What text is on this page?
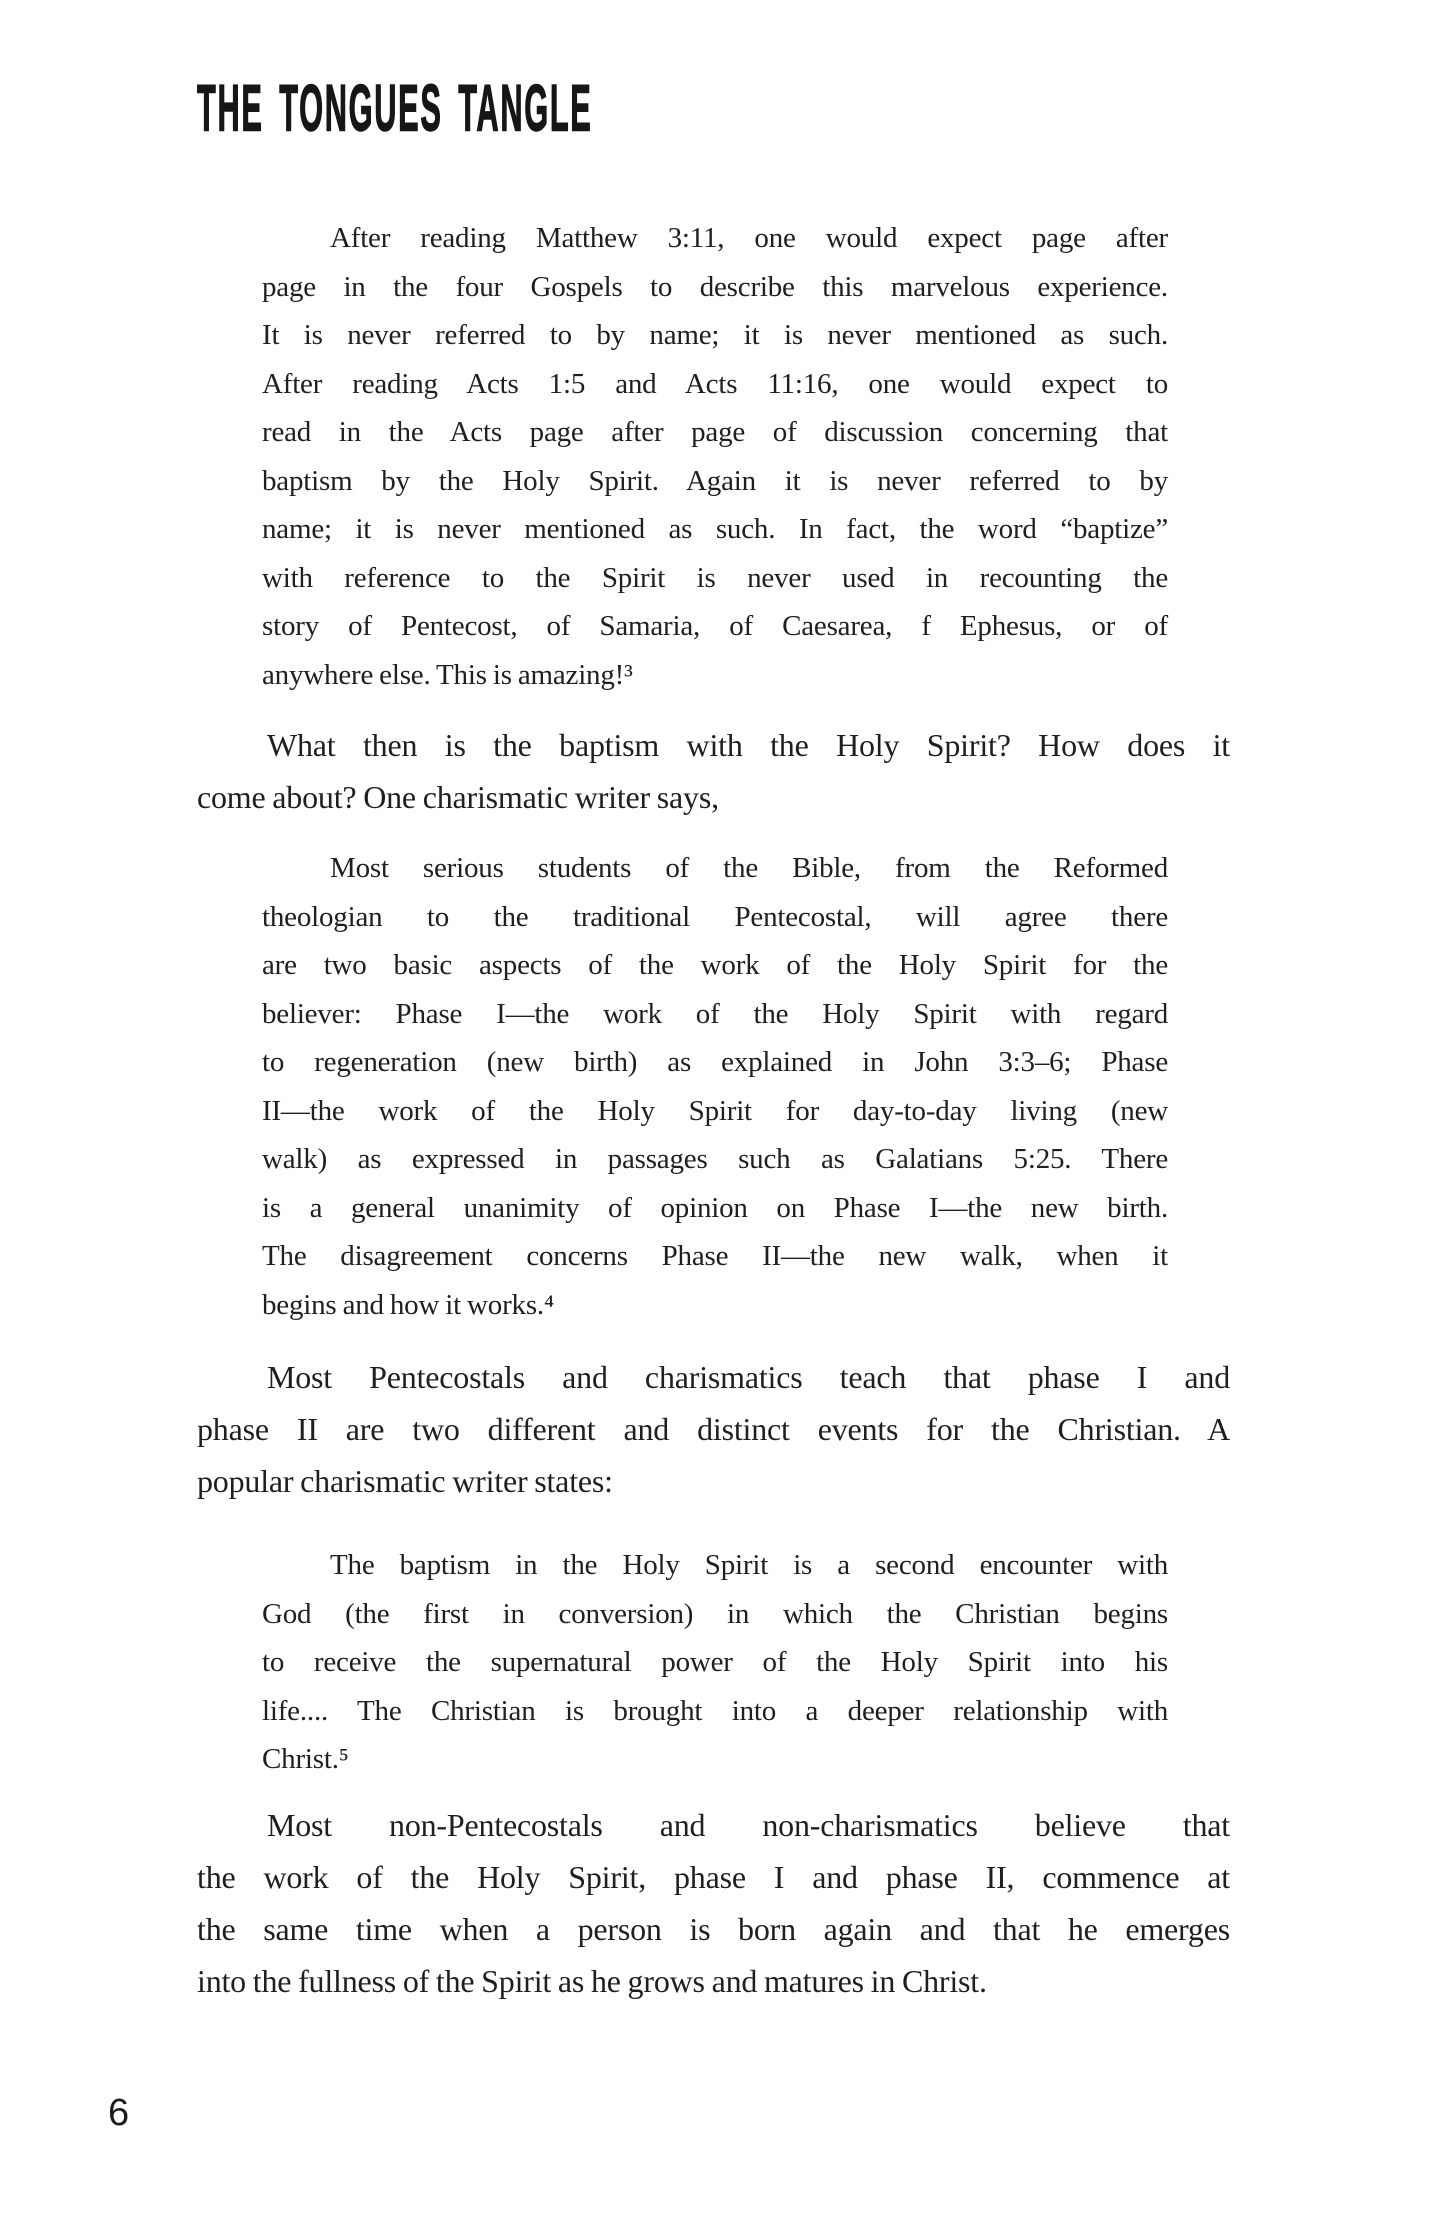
THE TONGUES TANGLE
After reading Matthew 3:11, one would expect page after
page in the four Gospels to describe this marvelous experience.
It is never referred to by name; it is never mentioned as such.
After reading Acts 1:5 and Acts 11:16, one would expect to
read in the Acts page after page of discussion concerning that
baptism by the Holy Spirit. Again it is never referred to by
name; it is never mentioned as such. In fact, the word “baptize”
with reference to the Spirit is never used in recounting the
story of Pentecost, of Samaria, of Caesarea, f Ephesus, or of
anywhere else. This is amazing!³
What then is the baptism with the Holy Spirit? How does it
come about? One charismatic writer says,
Most serious students of the Bible, from the Reformed
theologian to the traditional Pentecostal, will agree there
are two basic aspects of the work of the Holy Spirit for the
believer: Phase I—the work of the Holy Spirit with regard
to regeneration (new birth) as explained in John 3:3–6; Phase
II—the work of the Holy Spirit for day-to-day living (new
walk) as expressed in passages such as Galatians 5:25. There
is a general unanimity of opinion on Phase I—the new birth.
The disagreement concerns Phase II—the new walk, when it
begins and how it works.⁴
Most Pentecostals and charismatics teach that phase I and
phase II are two different and distinct events for the Christian. A
popular charismatic writer states:
The baptism in the Holy Spirit is a second encounter with
God (the first in conversion) in which the Christian begins
to receive the supernatural power of the Holy Spirit into his
life.... The Christian is brought into a deeper relationship with
Christ.⁵
Most non-Pentecostals and non-charismatics believe that
the work of the Holy Spirit, phase I and phase II, commence at
the same time when a person is born again and that he emerges
into the fullness of the Spirit as he grows and matures in Christ.
6
